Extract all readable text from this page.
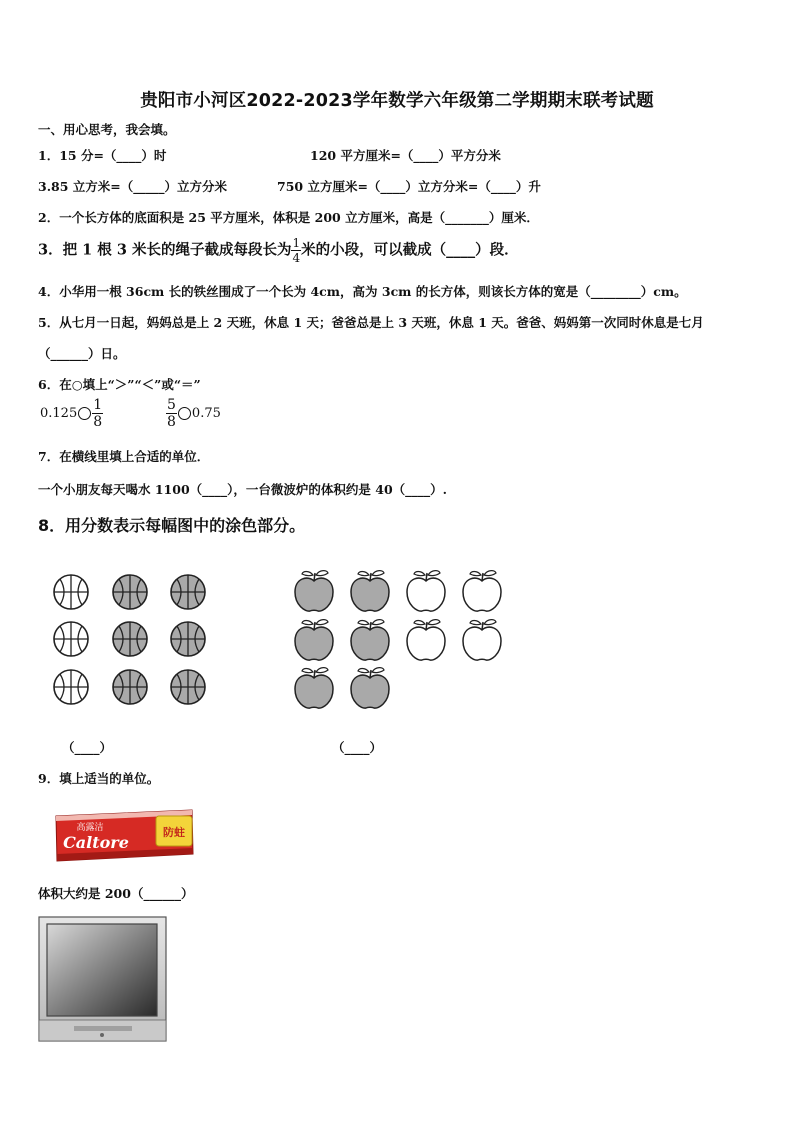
贵阳市小河区2022-2023学年数学六年级第二学期期末联考试题
一、用心思考，我会填。
1．15 分=（____）时	120 平方厘米=（____）平方分米
3.85 立方米=（_____）立方分米	750 立方厘米=（____）立方分米=（____）升
2．一个长方体的底面积是 25 平方厘米，体积是 200 立方厘米，高是（_______）厘米．
3．把 1 根 3 米长的绳子截成每段长为 $\frac{1}{4}$ 米的小段，可以截成（____）段．
4．小华用一根 36cm 长的铁丝围成了一个长为 4cm，高为 3cm 的长方体，则该长方体的宽是（________）cm。
5．从七月一日起，妈妈总是上 2 天班，休息 1 天；爸爸总是上 3 天班，休息 1 天。爸爸、妈妈第一次同时休息是七月
（______）日。
6．在○填上“＞”“＜”或“＝”
$0.125 \frac{1}{8}$	$\frac{5}{8} 0.75$
7．在横线里填上合适的单位．
一个小朋友每天喝水 1100（____），一台微波炉的体积约是 40（____）.
8．用分数表示每幅图中的涂色部分。
（____）	（____）
9．填上适当的单位。
防蛀
高露洁
Caltore
体积大约是 200（______）
